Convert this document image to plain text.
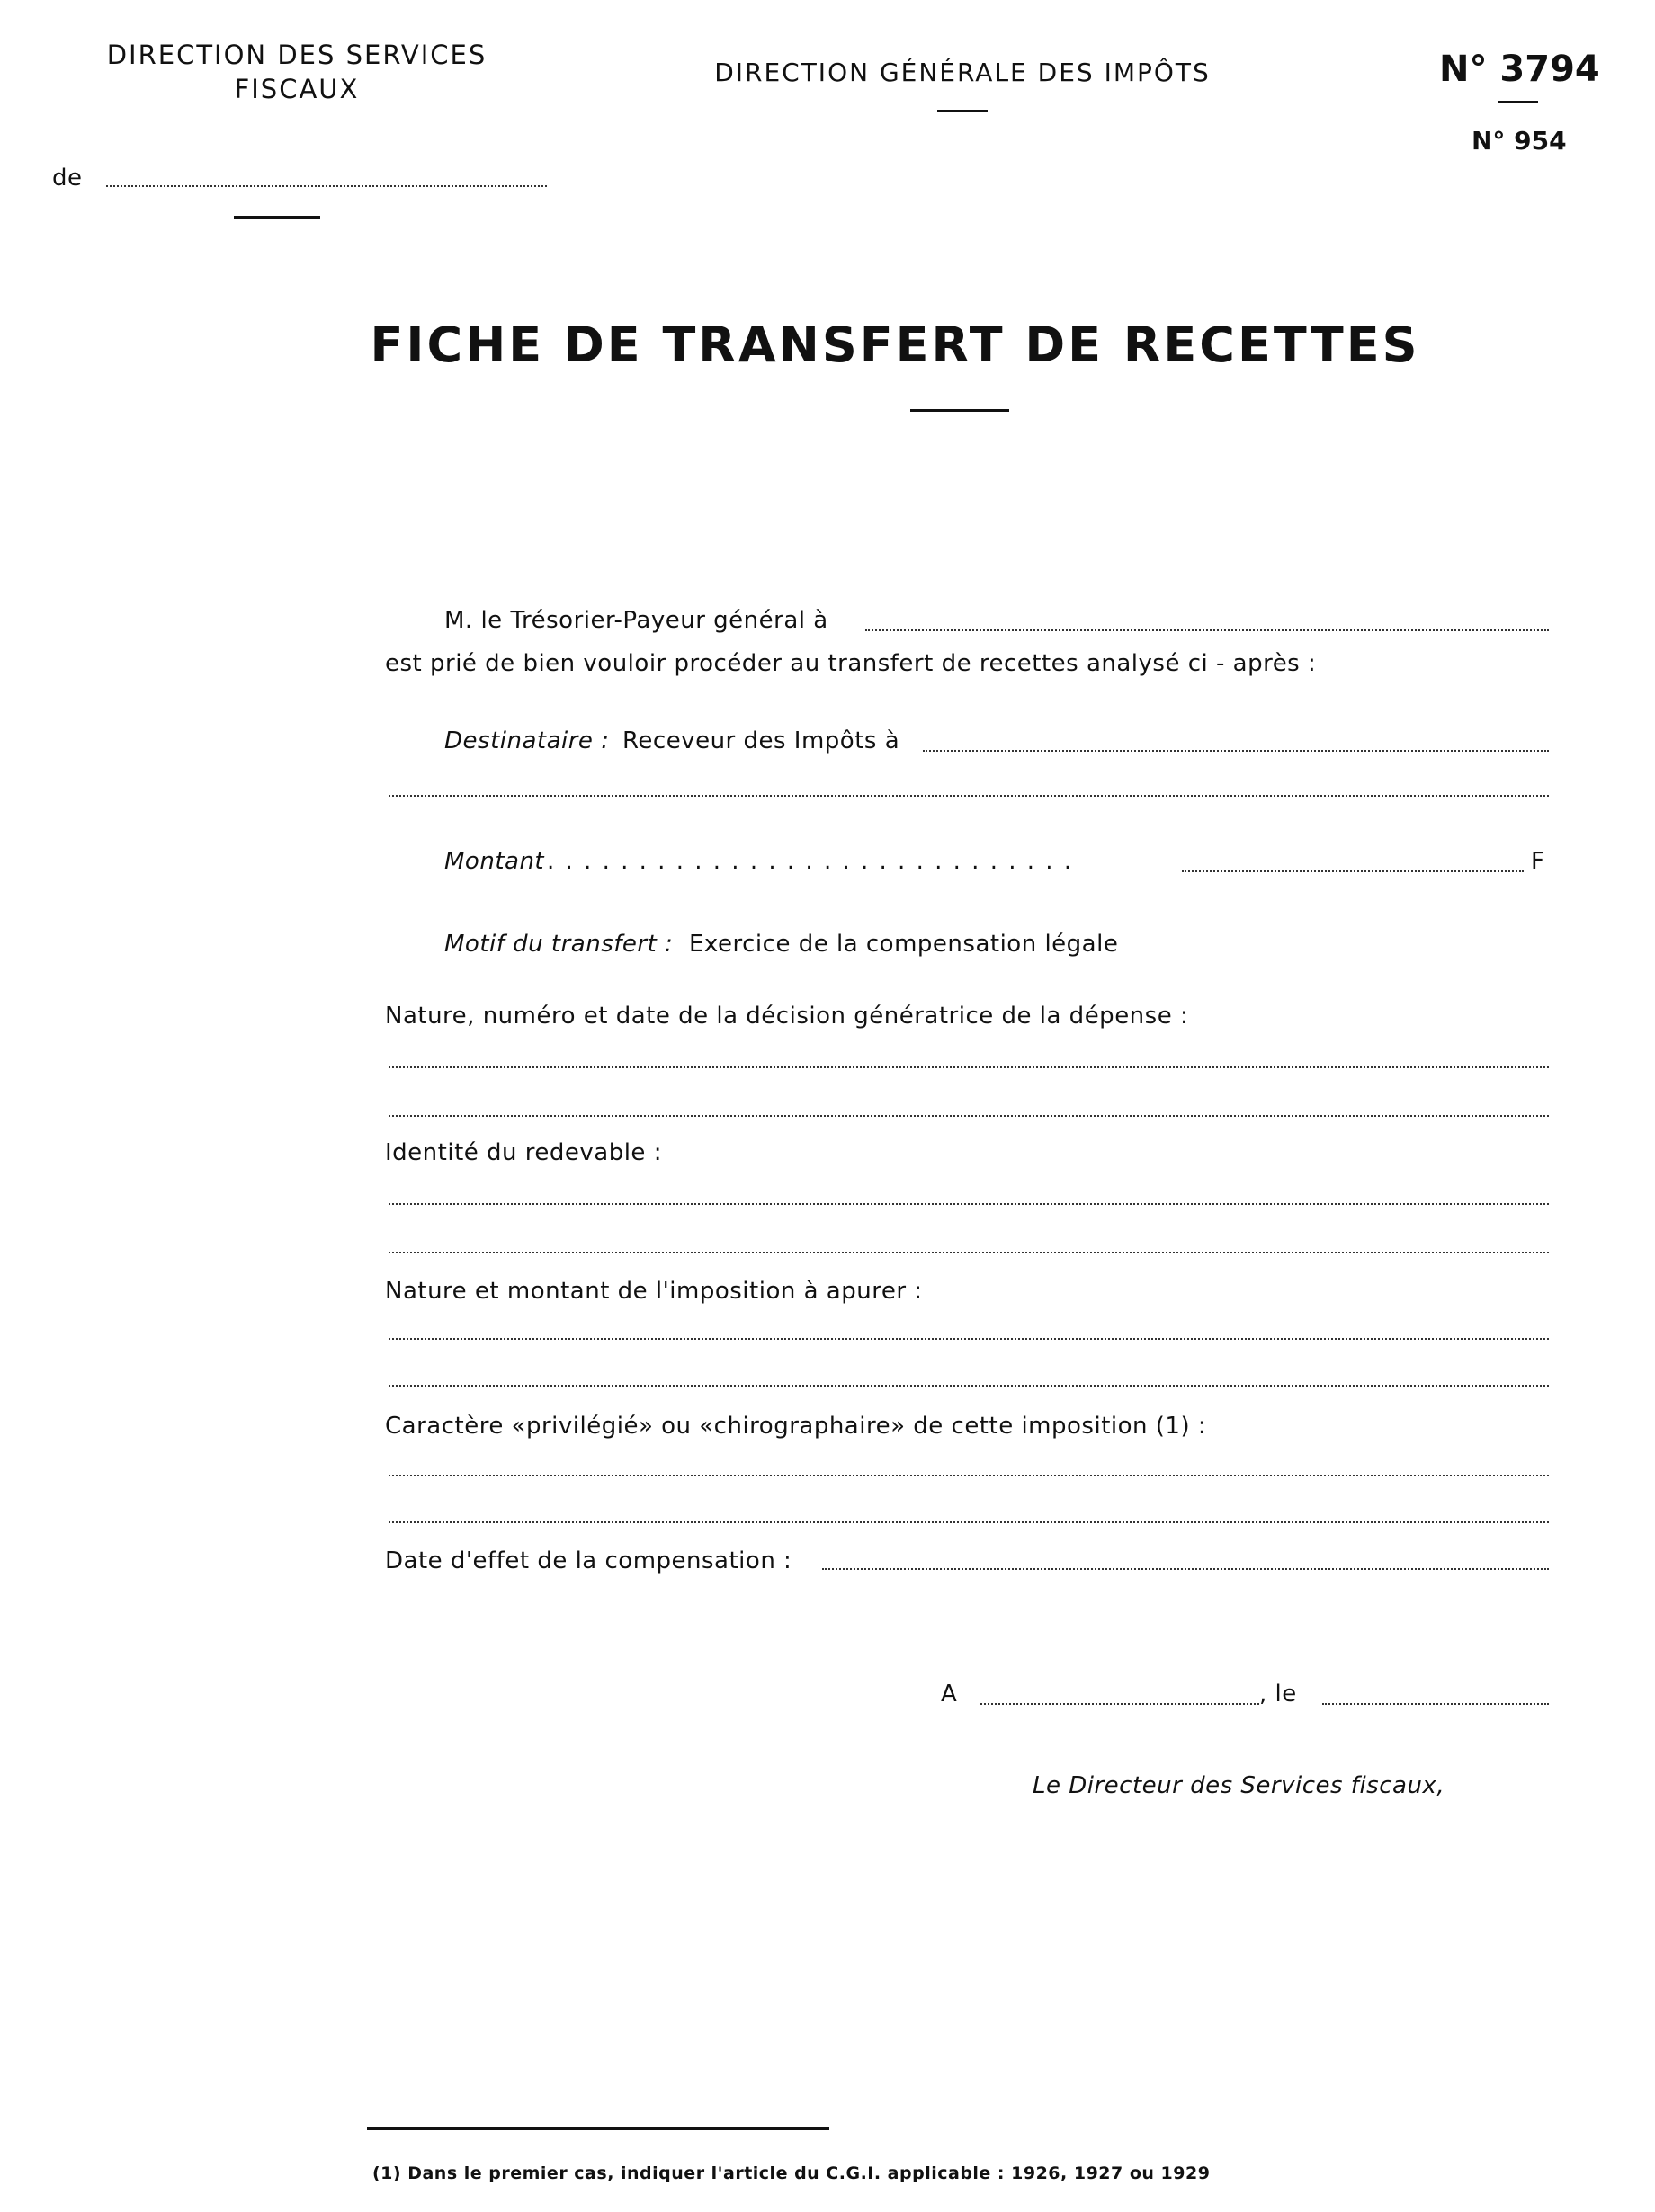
DIRECTION DES SERVICES
FISCAUX
de
DIRECTION GÉNÉRALE DES IMPÔTS	N° 3794
N° 954
FICHE DE TRANSFERT DE RECETTES
M. le Trésorier-Payeur général à
est prié de bien vouloir procéder au transfert de recettes analysé ci - après :
Destinataire : Receveur des Impôts à
Montant . . . . . . . . . . . . . . . . . . . . . . . . . . . . .	F
Motif du transfert : Exercice de la compensation légale
Nature, numéro et date de la décision génératrice de la dépense :
Identité du redevable :
Nature et montant de l'imposition à apurer :
Caractère «privilégié» ou «chirographaire» de cette imposition (1) :
Date d'effet de la compensation :
A	, le
Le Directeur des Services fiscaux,
(1) Dans le premier cas, indiquer l'article du C.G.I. applicable : 1926, 1927 ou 1929
